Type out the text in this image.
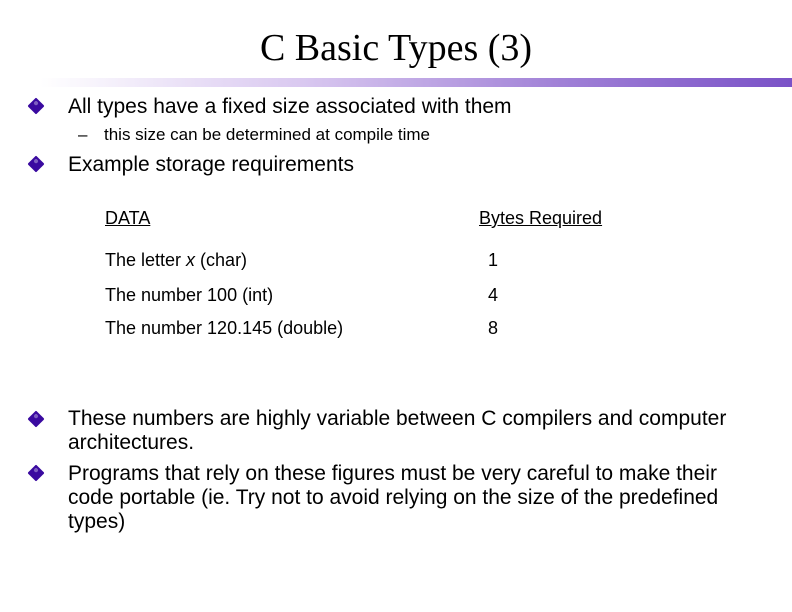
C Basic Types (3)
All types have a fixed size associated with them
– this size can be determined at compile time
Example storage requirements
DATA	Bytes Required
The letter x (char)	1
The number 100 (int)	4
The number 120.145 (double)	8
These numbers are highly variable between C compilers and computer architectures.
Programs that rely on these figures must be very careful to make their code portable (ie. Try not to avoid relying on the size of the predefined types)
